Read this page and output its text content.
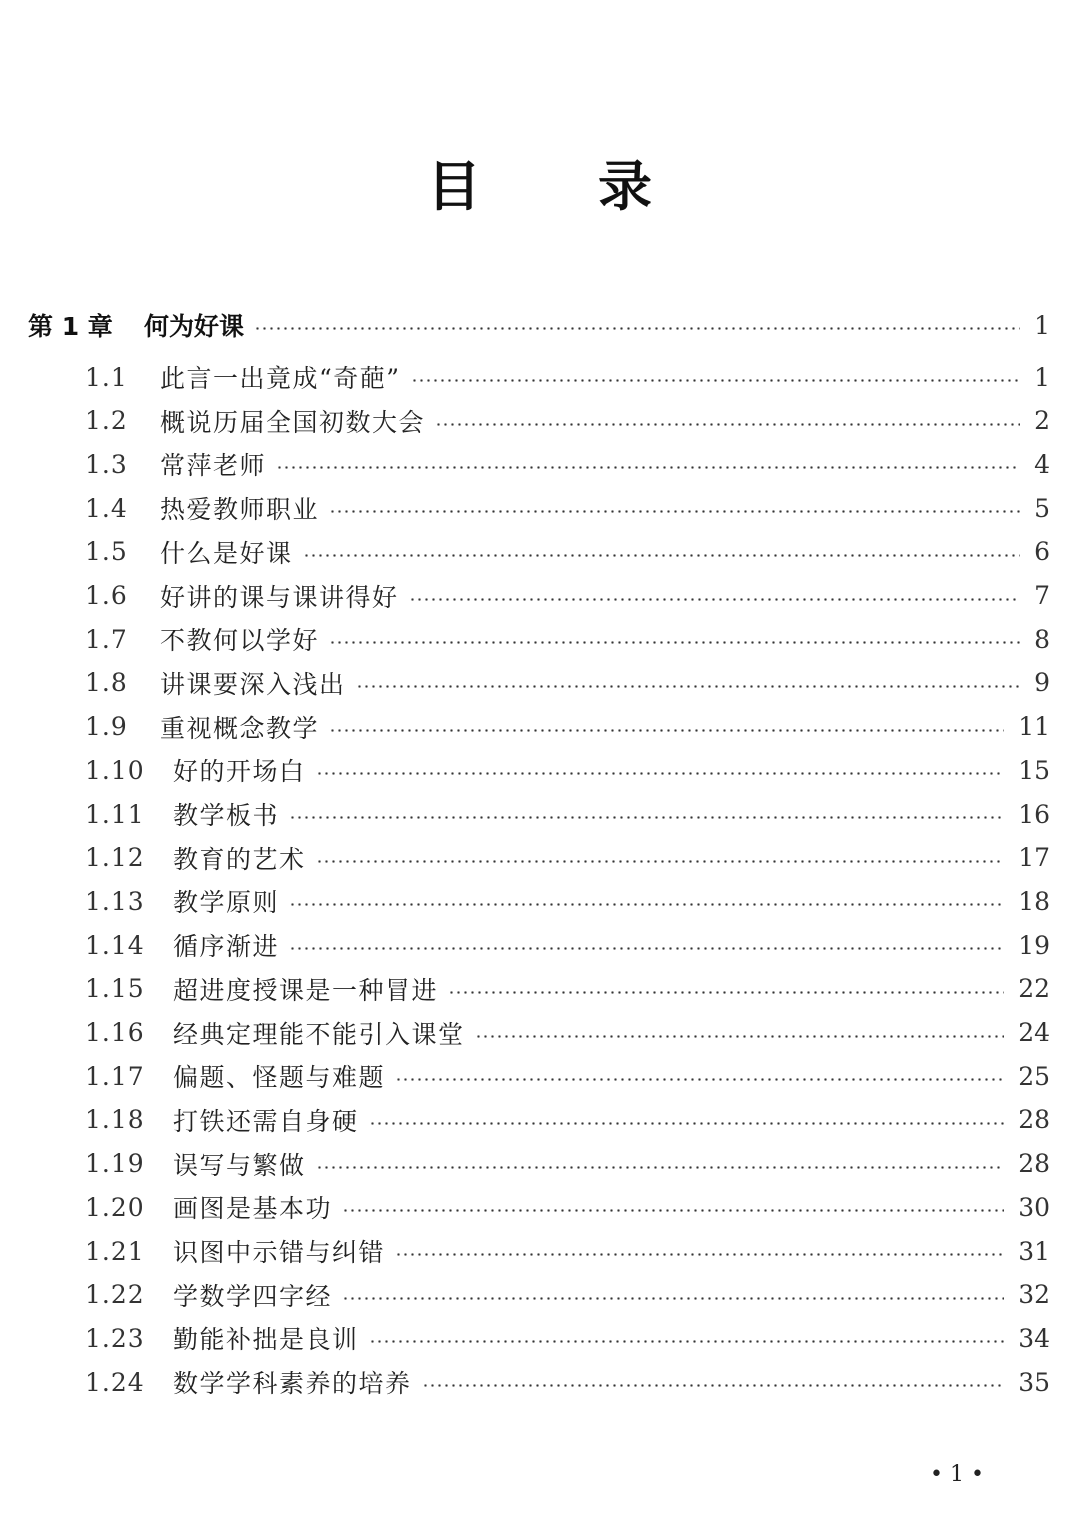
目 录
第 1 章 何为好课	1
1.1 此言一出竟成“奇葩”	1
1.2 概说历届全国初数大会	2
1.3 常萍老师	4
1.4 热爱教师职业	5
1.5 什么是好课	6
1.6 好讲的课与课讲得好	7
1.7 不教何以学好	8
1.8 讲课要深入浅出	9
1.9 重视概念教学	11
1.10 好的开场白	15
1.11 教学板书	16
1.12 教育的艺术	17
1.13 教学原则	18
1.14 循序渐进	19
1.15 超进度授课是一种冒进	22
1.16 经典定理能不能引入课堂	24
1.17 偏题、怪题与难题	25
1.18 打铁还需自身硬	28
1.19 误写与繁做	28
1.20 画图是基本功	30
1.21 识图中示错与纠错	31
1.22 学数学四字经	32
1.23 勤能补拙是良训	34
1.24 数学学科素养的培养	35
• 1 •
